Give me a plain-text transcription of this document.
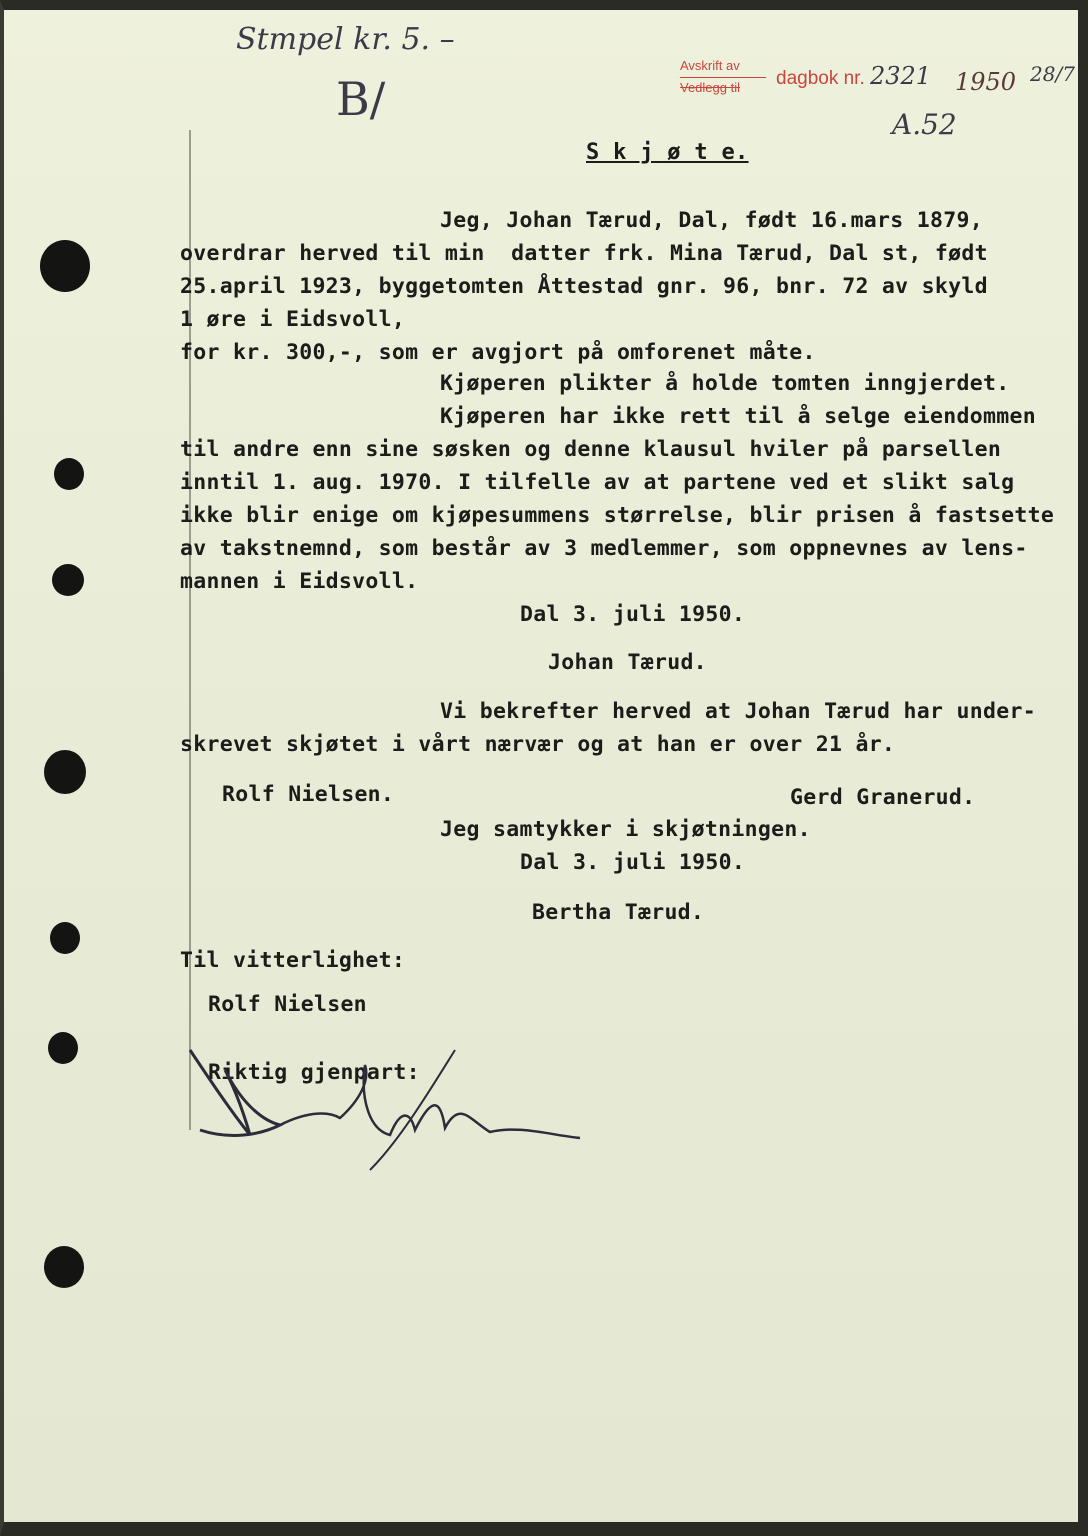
Stmpel kr. 5. –
B/
Avskrift av
Vedlegg til dagbok nr. 2321 1950 28/7
A.52
S k j ø t e.
Jeg, Johan Tærud, Dal, født 16.mars 1879,
overdrar herved til min  datter frk. Mina Tærud, Dal st, født
25.april 1923, byggetomten Åttestad gnr. 96, bnr. 72 av skyld
1 øre i Eidsvoll,
for kr. 300,-, som er avgjort på omforenet måte.
Kjøperen plikter å holde tomten inngjerdet.
Kjøperen har ikke rett til å selge eiendommen
til andre enn sine søsken og denne klausul hviler på parsellen
inntil 1. aug. 1970. I tilfelle av at partene ved et slikt salg
ikke blir enige om kjøpesummens størrelse, blir prisen å fastsette
av takstnemnd, som består av 3 medlemmer, som oppnevnes av lens-
mannen i Eidsvoll.
Dal 3. juli 1950.
Johan Tærud.
Vi bekrefter herved at Johan Tærud har under-
skrevet skjøtet i vårt nærvær og at han er over 21 år.
Rolf Nielsen.	Gerd Granerud.
Jeg samtykker i skjøtningen.
Dal 3. juli 1950.
Bertha Tærud.
Til vitterlighet:
Rolf Nielsen
Riktig gjenpart:
